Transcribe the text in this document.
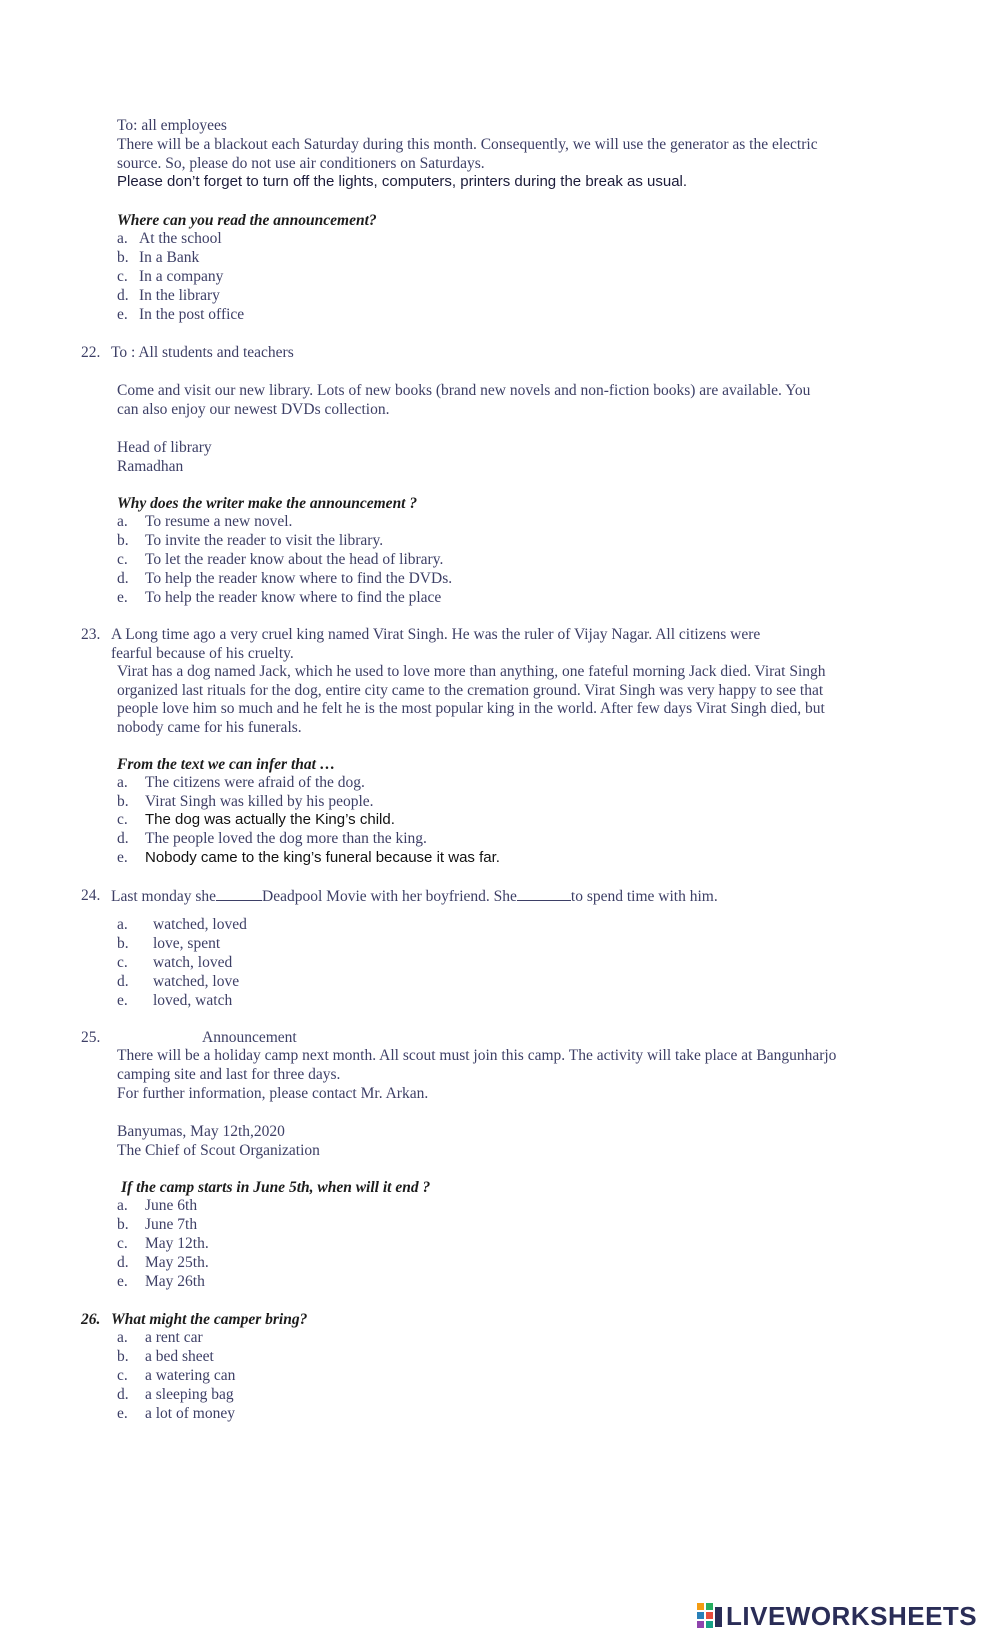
To: all employees
There will be a blackout each Saturday during this month. Consequently, we will use the generator as the electric
source. So, please do not use air conditioners on Saturdays.
Please don’t forget to turn off the lights, computers, printers during the break as usual.
Where can you read the announcement?
a. At the school
b. In a Bank
c. In a company
d. In the library
e. In the post office
22. To : All students and teachers
Come and visit our new library. Lots of new books (brand new novels and non-fiction books) are available. You
can also enjoy our newest DVDs collection.
Head of library
Ramadhan
Why does the writer make the announcement ?
a. To resume a new novel.
b. To invite the reader to visit the library.
c. To let the reader know about the head of library.
d. To help the reader know where to find the DVDs.
e. To help the reader know where to find the place
23. A Long time ago a very cruel king named Virat Singh. He was the ruler of Vijay Nagar. All citizens were
fearful because of his cruelty.
Virat has a dog named Jack, which he used to love more than anything, one fateful morning Jack died. Virat Singh
organized last rituals for the dog, entire city came to the cremation ground. Virat Singh was very happy to see that
people love him so much and he felt he is the most popular king in the world. After few days Virat Singh died, but
nobody came for his funerals.
From the text we can infer that …
a. The citizens were afraid of the dog.
b. Virat Singh was killed by his people.
c. The dog was actually the King’s child.
d. The people loved the dog more than the king.
e. Nobody came to the king’s funeral because it was far.
24. Last monday she	Deadpool Movie with her boyfriend. She	to spend time with him.
a. watched, loved
b. love, spent
c. watch, loved
d. watched, love
e. loved, watch
25.	Announcement
There will be a holiday camp next month. All scout must join this camp. The activity will take place at Bangunharjo
camping site and last for three days.
For further information, please contact Mr. Arkan.
Banyumas, May 12th,2020
The Chief of Scout Organization
If the camp starts in June 5th, when will it end ?
a. June 6th
b. June 7th
c. May 12th.
d. May 25th.
e. May 26th
26. What might the camper bring?
a. a rent car
b. a bed sheet
c. a watering can
d. a sleeping bag
e. a lot of money
LIVEWORKSHEETS
